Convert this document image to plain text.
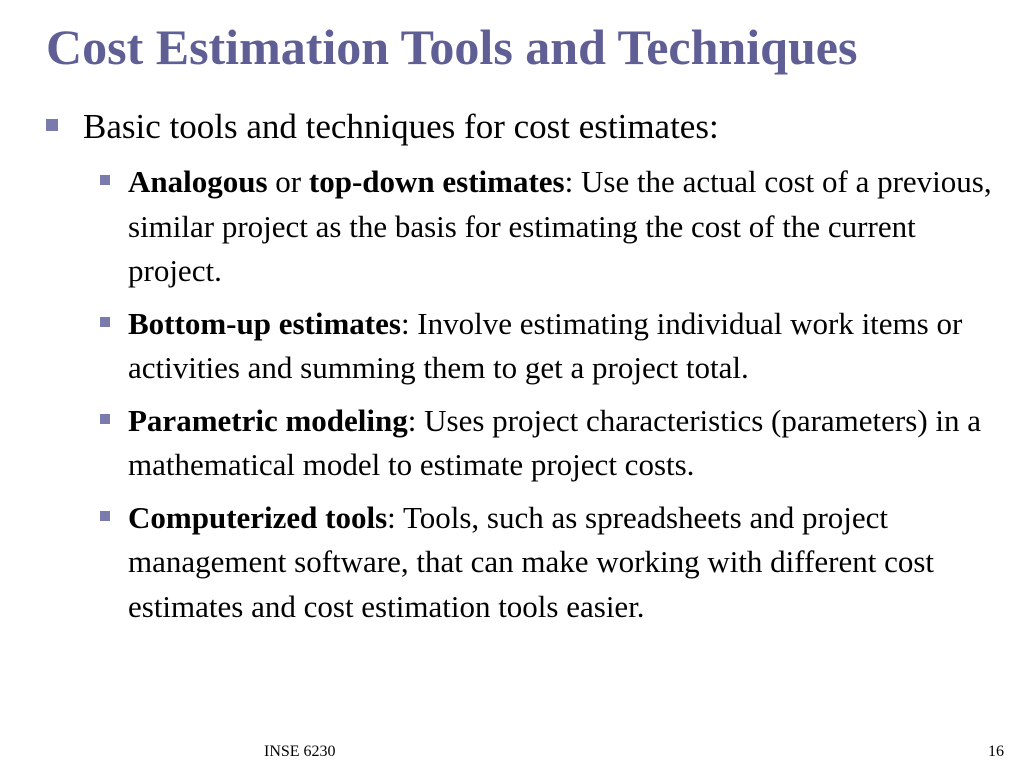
Cost Estimation Tools and Techniques
Basic tools and techniques for cost estimates:
Analogous or top-down estimates: Use the actual cost of a previous, similar project as the basis for estimating the cost of the current project.
Bottom-up estimates: Involve estimating individual work items or activities and summing them to get a project total.
Parametric modeling: Uses project characteristics (parameters) in a mathematical model to estimate project costs.
Computerized tools: Tools, such as spreadsheets and project management software, that can make working with different cost estimates and cost estimation tools easier.
INSE 6230	16
